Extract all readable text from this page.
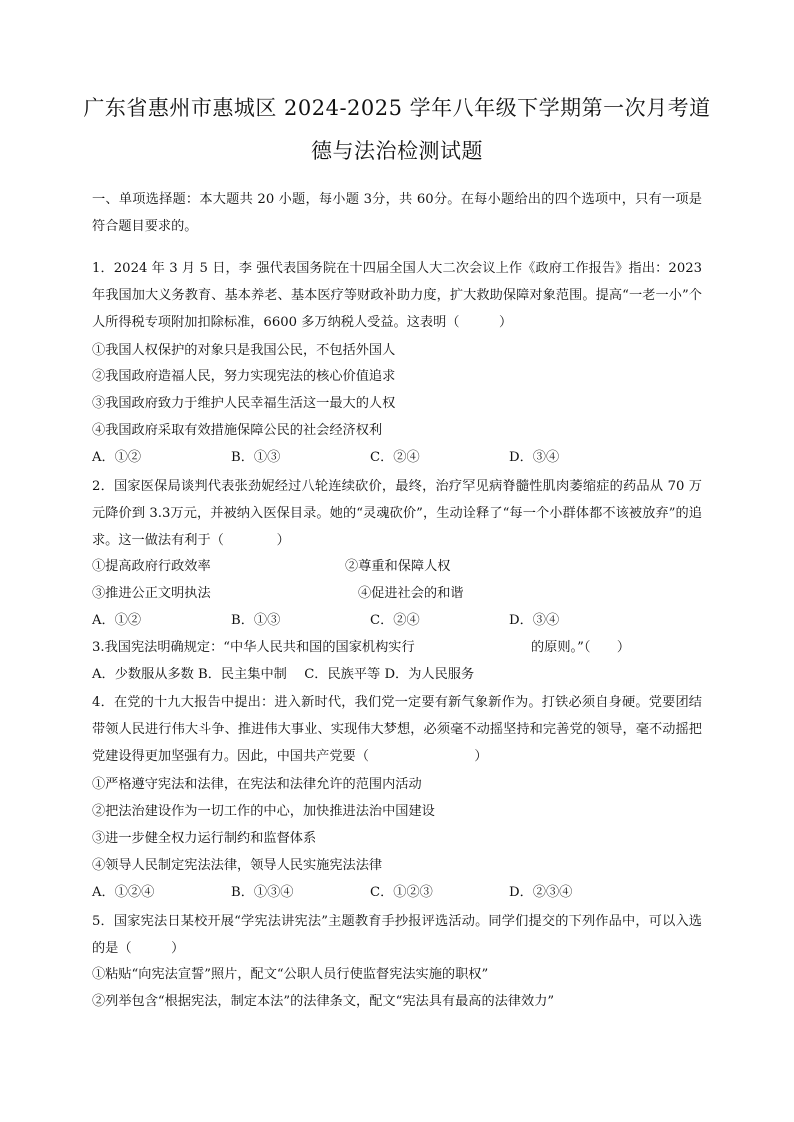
广东省惠州市惠城区 2024-2025 学年八年级下学期第一次月考道
德与法治检测试题
一、单项选择题：本大题共 20 小题，每小题 3分，共 60分。在每小题给出的四个选项中，只有一项是符合题目要求的。
1．2024 年 3 月 5 日，李 强代表国务院在十四届全国人大二次会议上作《政府工作报告》指出：2023 年我国加大义务教育、基本养老、基本医疗等财政补助力度，扩大救助保障对象范围。提高“一老一小”个人所得税专项附加扣除标准，6600 多万纳税人受益。这表明（　　　）
①我国人权保护的对象只是我国公民，不包括外国人
②我国政府造福人民，努力实现宪法的核心价值追求
③我国政府致力于维护人民幸福生活这一最大的人权
④我国政府采取有效措施保障公民的社会经济权利
A．①②	B．①③	C．②④	D．③④
2．国家医保局谈判代表张劲妮经过八轮连续砍价，最终，治疗罕见病脊髓性肌肉萎缩症的药品从 70 万元降价到 3.3万元，并被纳入医保目录。她的“灵魂砍价”，生动诠释了“每一个小群体都不该被放弃”的追求。这一做法有利于（　　　　）
①提高政府行政效率	②尊重和保障人权
③推进公正文明执法	④促进社会的和谐
A．①②	B．①③	C．②④	D．③④
3.我国宪法明确规定：“中华人民共和国的国家机构实行	的原则。”（　　）
A．少数服从多数 B．民主集中制　 C．民族平等 D．为人民服务
4．在党的十九大报告中提出：进入新时代，我们党一定要有新气象新作为。打铁必须自身硬。党要团结带领人民进行伟大斗争、推进伟大事业、实现伟大梦想，必须毫不动摇坚持和完善党的领导，毫不动摇把党建设得更加坚强有力。因此，中国共产党要（　　　　　　　　）
①严格遵守宪法和法律，在宪法和法律允许的范围内活动
②把法治建设作为一切工作的中心，加快推进法治中国建设
③进一步健全权力运行制约和监督体系
④领导人民制定宪法法律，领导人民实施宪法法律
A．①②④	B．①③④	C．①②③	D．②③④
5．国家宪法日某校开展“学宪法讲宪法”主题教育手抄报评选活动。同学们提交的下列作品中，可以入选的是（　　　）
①粘贴“向宪法宣誓”照片，配文“公职人员行使监督宪法实施的职权”
②列举包含“根据宪法，制定本法”的法律条文，配文“宪法具有最高的法律效力”
